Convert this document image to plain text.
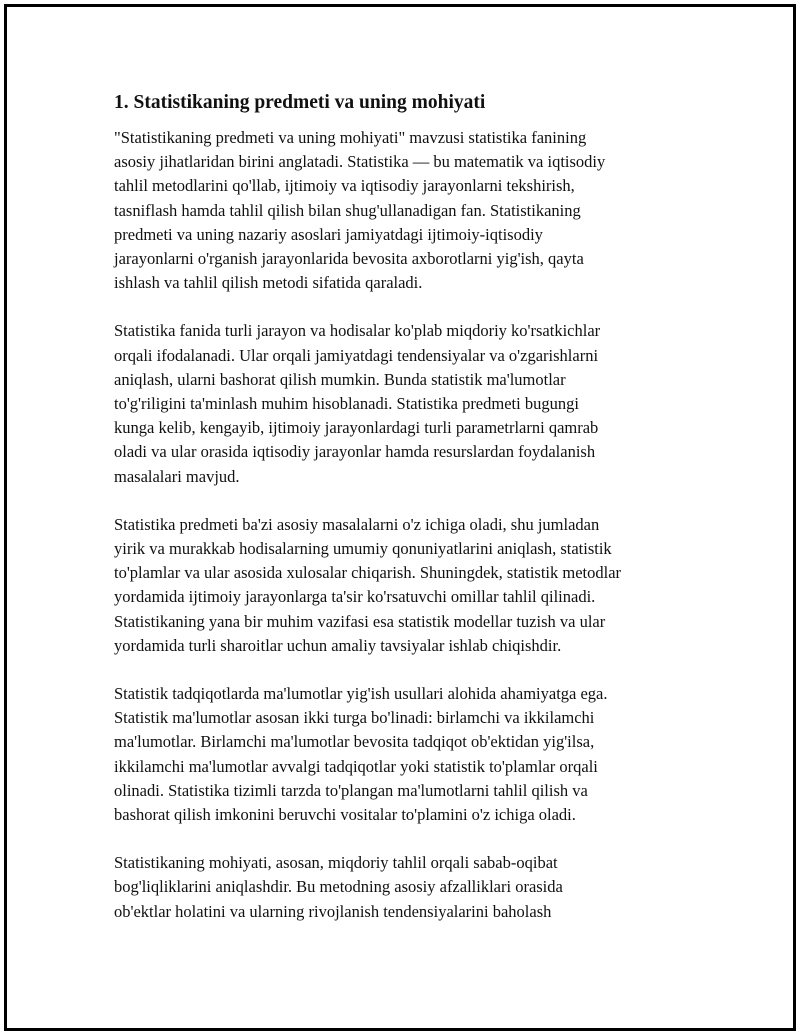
1. Statistikaning predmeti va uning mohiyati
"Statistikaning predmeti va uning mohiyati" mavzusi statistika fanining
asosiy jihatlaridan birini anglatadi. Statistika — bu matematik va iqtisodiy
tahlil metodlarini qo'llab, ijtimoiy va iqtisodiy jarayonlarni tekshirish,
tasniflash hamda tahlil qilish bilan shug'ullanadigan fan. Statistikaning
predmeti va uning nazariy asoslari jamiyatdagi ijtimoiy-iqtisodiy
jarayonlarni o'rganish jarayonlarida bevosita axborotlarni yig'ish, qayta
ishlash va tahlil qilish metodi sifatida qaraladi.
Statistika fanida turli jarayon va hodisalar ko'plab miqdoriy ko'rsatkichlar
orqali ifodalanadi. Ular orqali jamiyatdagi tendensiyalar va o'zgarishlarni
aniqlash, ularni bashorat qilish mumkin. Bunda statistik ma'lumotlar
to'g'riligini ta'minlash muhim hisoblanadi. Statistika predmeti bugungi
kunga kelib, kengayib, ijtimoiy jarayonlardagi turli parametrlarni qamrab
oladi va ular orasida iqtisodiy jarayonlar hamda resurslardan foydalanish
masalalari mavjud.
Statistika predmeti ba'zi asosiy masalalarni o'z ichiga oladi, shu jumladan
yirik va murakkab hodisalarning umumiy qonuniyatlarini aniqlash, statistik
to'plamlar va ular asosida xulosalar chiqarish. Shuningdek, statistik metodlar
yordamida ijtimoiy jarayonlarga ta'sir ko'rsatuvchi omillar tahlil qilinadi.
Statistikaning yana bir muhim vazifasi esa statistik modellar tuzish va ular
yordamida turli sharoitlar uchun amaliy tavsiyalar ishlab chiqishdir.
Statistik tadqiqotlarda ma'lumotlar yig'ish usullari alohida ahamiyatga ega.
Statistik ma'lumotlar asosan ikki turga bo'linadi: birlamchi va ikkilamchi
ma'lumotlar. Birlamchi ma'lumotlar bevosita tadqiqot ob'ektidan yig'ilsa,
ikkilamchi ma'lumotlar avvalgi tadqiqotlar yoki statistik to'plamlar orqali
olinadi. Statistika tizimli tarzda to'plangan ma'lumotlarni tahlil qilish va
bashorat qilish imkonini beruvchi vositalar to'plamini o'z ichiga oladi.
Statistikaning mohiyati, asosan, miqdoriy tahlil orqali sabab-oqibat
bog'liqliklarini aniqlashdir. Bu metodning asosiy afzalliklari orasida
ob'ektlar holatini va ularning rivojlanish tendensiyalarini baholash
